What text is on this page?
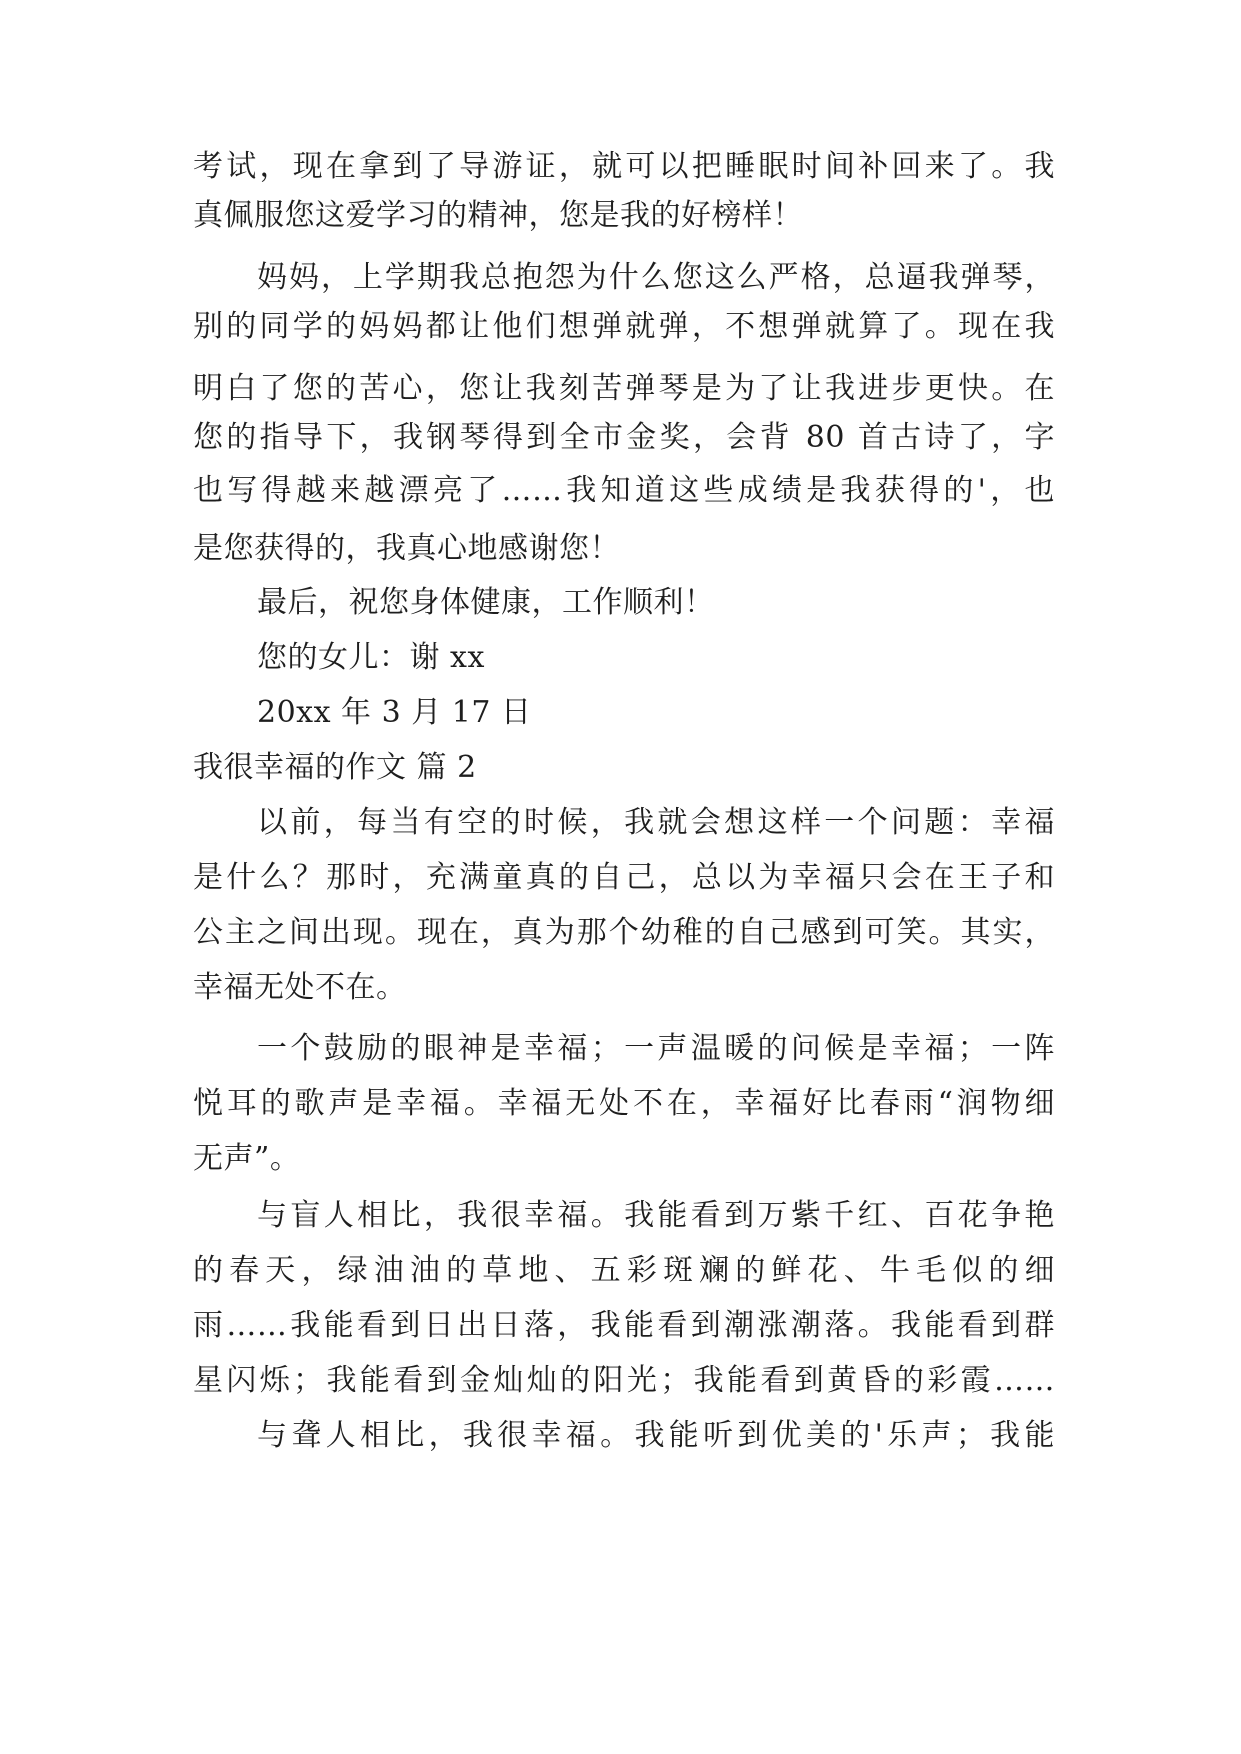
考试，现在拿到了导游证，就可以把睡眠时间补回来了。我
真佩服您这爱学习的精神，您是我的好榜样！
妈妈，上学期我总抱怨为什么您这么严格，总逼我弹琴，
别的同学的妈妈都让他们想弹就弹，不想弹就算了。现在我
明白了您的苦心，您让我刻苦弹琴是为了让我进步更快。在
您的指导下，我钢琴得到全市金奖，会背 80 首古诗了，字
也写得越来越漂亮了……我知道这些成绩是我获得的'，也
是您获得的，我真心地感谢您！
最后，祝您身体健康，工作顺利！
您的女儿：谢 xx
20xx 年 3 月 17 日
我很幸福的作文 篇 2
以前，每当有空的时候，我就会想这样一个问题：幸福
是什么？那时，充满童真的自己，总以为幸福只会在王子和
公主之间出现。现在，真为那个幼稚的自己感到可笑。其实，
幸福无处不在。
一个鼓励的眼神是幸福；一声温暖的问候是幸福；一阵
悦耳的歌声是幸福。幸福无处不在，幸福好比春雨“润物细
无声”。
与盲人相比，我很幸福。我能看到万紫千红、百花争艳
的春天，绿油油的草地、五彩斑斓的鲜花、牛毛似的细
雨……我能看到日出日落，我能看到潮涨潮落。我能看到群
星闪烁；我能看到金灿灿的阳光；我能看到黄昏的彩霞……
与聋人相比，我很幸福。我能听到优美的'乐声；我能
